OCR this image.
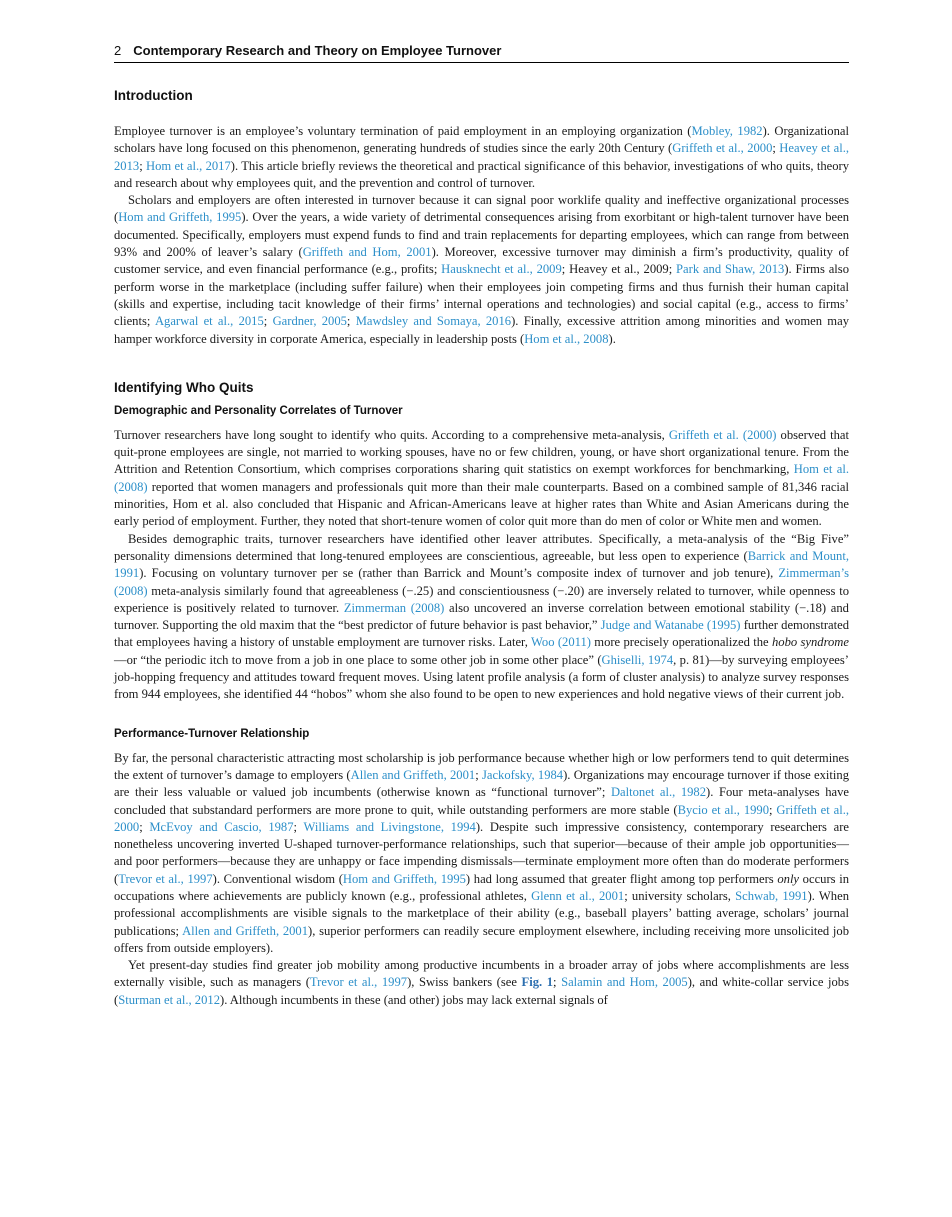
2 Contemporary Research and Theory on Employee Turnover
Introduction

Employee turnover is an employee’s voluntary termination of paid employment in an employing organization (Mobley, 1982). Organizational scholars have long focused on this phenomenon, generating hundreds of studies since the early 20th Century (Griffeth et al., 2000; Heavey et al., 2013; Hom et al., 2017). This article briefly reviews the theoretical and practical significance of this behavior, investigations of who quits, theory and research about why employees quit, and the prevention and control of turnover.

Scholars and employers are often interested in turnover because it can signal poor worklife quality and ineffective organizational processes (Hom and Griffeth, 1995). Over the years, a wide variety of detrimental consequences arising from exorbitant or high-talent turnover have been documented. Specifically, employers must expend funds to find and train replacements for departing employees, which can range from between 93% and 200% of leaver’s salary (Griffeth and Hom, 2001). Moreover, excessive turnover may diminish a firm’s productivity, quality of customer service, and even financial performance (e.g., profits; Hausknecht et al., 2009; Heavey et al., 2009; Park and Shaw, 2013). Firms also perform worse in the marketplace (including suffer failure) when their employees join competing firms and thus furnish their human capital (skills and expertise, including tacit knowledge of their firms’ internal operations and technologies) and social capital (e.g., access to firms’ clients; Agarwal et al., 2015; Gardner, 2005; Mawdsley and Somaya, 2016). Finally, excessive attrition among minorities and women may hamper workforce diversity in corporate America, especially in leadership posts (Hom et al., 2008).

Identifying Who Quits
Demographic and Personality Correlates of Turnover

Turnover researchers have long sought to identify who quits. According to a comprehensive meta-analysis, Griffeth et al. (2000) observed that quit-prone employees are single, not married to working spouses, have no or few children, young, or have short organizational tenure. From the Attrition and Retention Consortium, which comprises corporations sharing quit statistics on exempt workforces for benchmarking, Hom et al. (2008) reported that women managers and professionals quit more than their male counterparts. Based on a combined sample of 81,346 racial minorities, Hom et al. also concluded that Hispanic and African-Americans leave at higher rates than White and Asian Americans during the early period of employment. Further, they noted that short-tenure women of color quit more than do men of color or White men and women.

Besides demographic traits, turnover researchers have identified other leaver attributes. Specifically, a meta-analysis of the “Big Five” personality dimensions determined that long-tenured employees are conscientious, agreeable, but less open to experience (Barrick and Mount, 1991). Focusing on voluntary turnover per se (rather than Barrick and Mount’s composite index of turnover and job tenure), Zimmerman’s (2008) meta-analysis similarly found that agreeableness (−.25) and conscientiousness (−.20) are inversely related to turnover, while openness to experience is positively related to turnover. Zimmerman (2008) also uncovered an inverse correlation between emotional stability (−.18) and turnover. Supporting the old maxim that the “best predictor of future behavior is past behavior,” Judge and Watanabe (1995) further demonstrated that employees having a history of unstable employment are turnover risks. Later, Woo (2011) more precisely operationalized the hobo syndrome—or “the periodic itch to move from a job in one place to some other job in some other place” (Ghiselli, 1974, p. 81)—by surveying employees’ job-hopping frequency and attitudes toward frequent moves. Using latent profile analysis (a form of cluster analysis) to analyze survey responses from 944 employees, she identified 44 “hobos” whom she also found to be open to new experiences and hold negative views of their current job.

Performance-Turnover Relationship

By far, the personal characteristic attracting most scholarship is job performance because whether high or low performers tend to quit determines the extent of turnover’s damage to employers (Allen and Griffeth, 2001; Jackofsky, 1984). Organizations may encourage turnover if those exiting are their less valuable or valued job incumbents (otherwise known as “functional turnover”; Daltonet al., 1982). Four meta-analyses have concluded that substandard performers are more prone to quit, while outstanding performers are more stable (Bycio et al., 1990; Griffeth et al., 2000; McEvoy and Cascio, 1987; Williams and Livingstone, 1994). Despite such impressive consistency, contemporary researchers are nonetheless uncovering inverted U-shaped turnover-performance relationships, such that superior—because of their ample job opportunities—and poor performers—because they are unhappy or face impending dismissals—terminate employment more often than do moderate performers (Trevor et al., 1997). Conventional wisdom (Hom and Griffeth, 1995) had long assumed that greater flight among top performers only occurs in occupations where achievements are publicly known (e.g., professional athletes, Glenn et al., 2001; university scholars, Schwab, 1991). When professional accomplishments are visible signals to the marketplace of their ability (e.g., baseball players’ batting average, scholars’ journal publications; Allen and Griffeth, 2001), superior performers can readily secure employment elsewhere, including receiving more unsolicited job offers from outside employers).

Yet present-day studies find greater job mobility among productive incumbents in a broader array of jobs where accomplishments are less externally visible, such as managers (Trevor et al., 1997), Swiss bankers (see Fig. 1; Salamin and Hom, 2005), and white-collar service jobs (Sturman et al., 2012). Although incumbents in these (and other) jobs may lack external signals of
